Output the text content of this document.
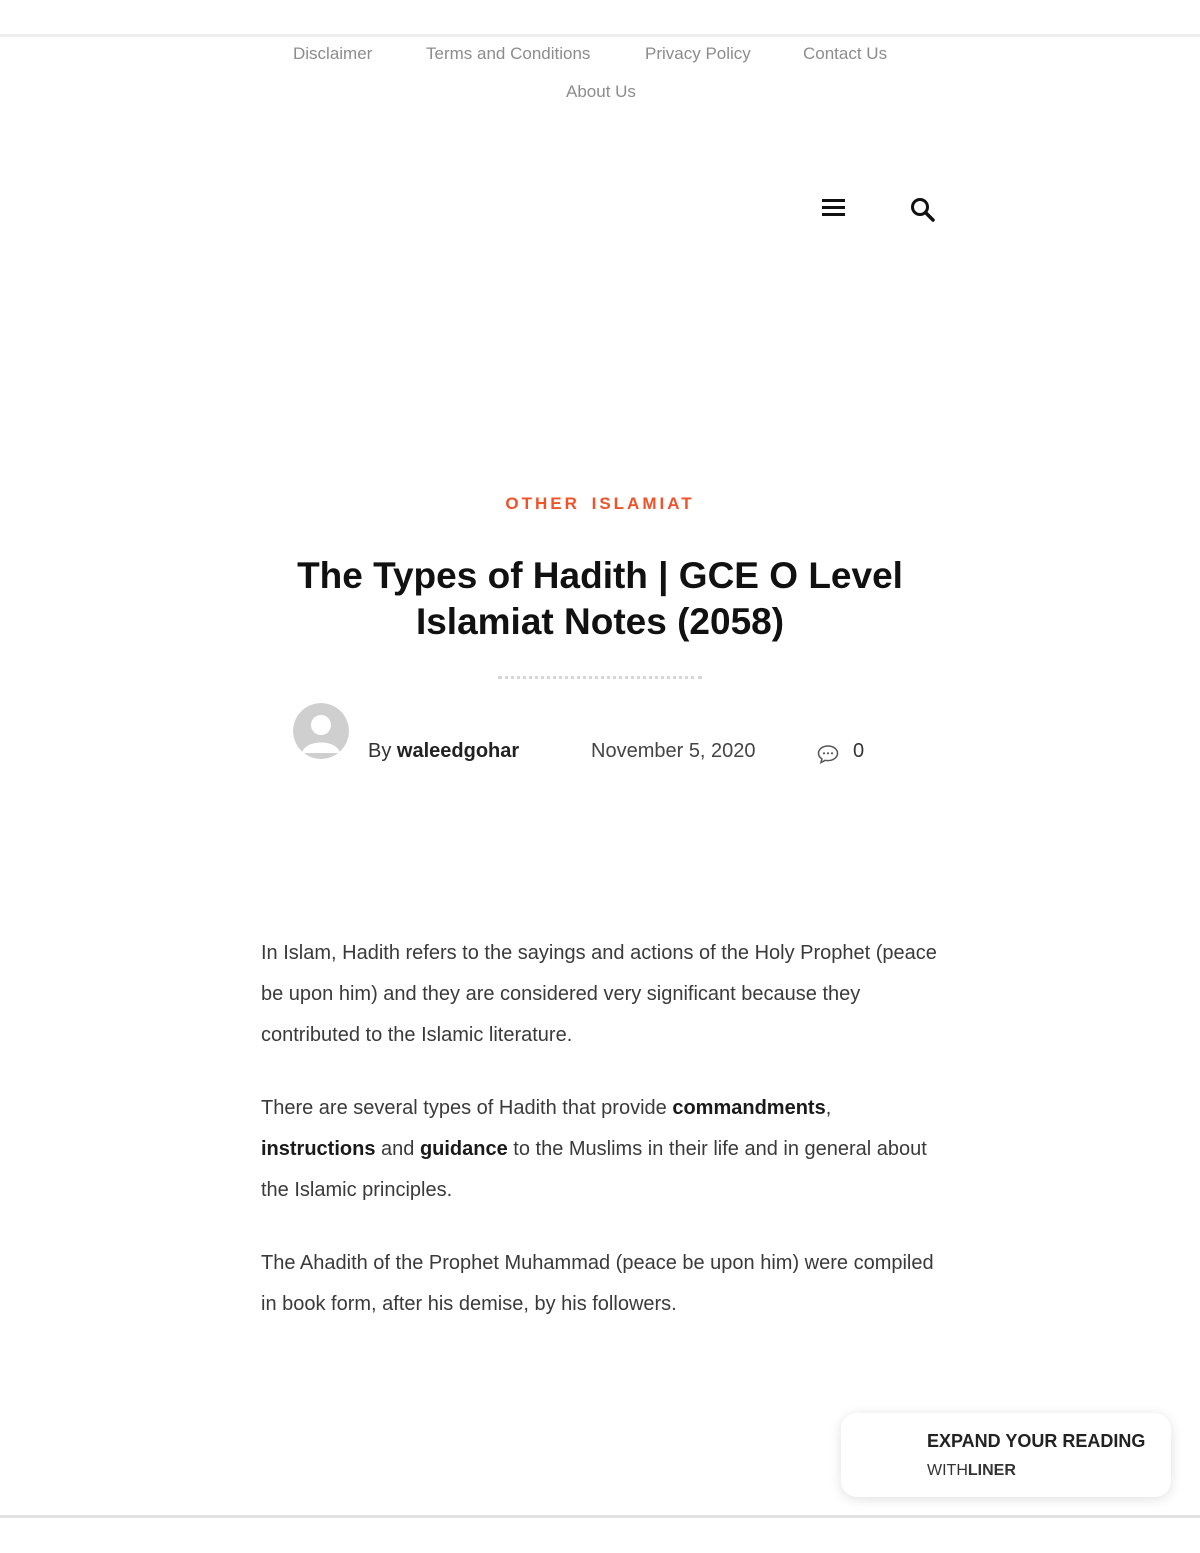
Disclaimer	Terms and Conditions	Privacy Policy	Contact Us
About Us
OTHER ISLAMIAT
The Types of Hadith | GCE O Level Islamiat Notes (2058)
By waleedgohar	November 5, 2020	0

In Islam, Hadith refers to the sayings and actions of the Holy Prophet (peace be upon him) and they are considered very significant because they contributed to the Islamic literature.

There are several types of Hadith that provide commandments, instructions and guidance to the Muslims in their life and in general about the Islamic principles.

The Ahadith of the Prophet Muhammad (peace be upon him) were compiled in book form, after his demise, by his followers.

EXPAND YOUR READING
WITHLINER
